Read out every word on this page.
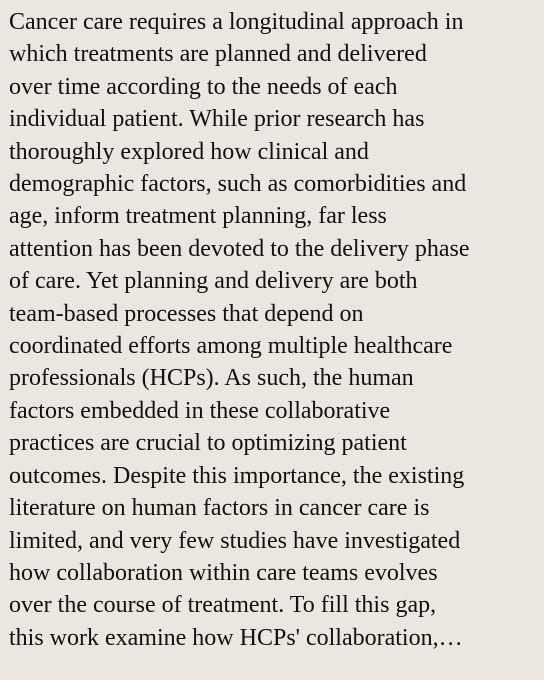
Cancer care requires a longitudinal approach in
which treatments are planned and delivered
over time according to the needs of each
individual patient. While prior research has
thoroughly explored how clinical and
demographic factors, such as comorbidities and
age, inform treatment planning, far less
attention has been devoted to the delivery phase
of care. Yet planning and delivery are both
team-based processes that depend on
coordinated efforts among multiple healthcare
professionals (HCPs). As such, the human
factors embedded in these collaborative
practices are crucial to optimizing patient
outcomes. Despite this importance, the existing
literature on human factors in cancer care is
limited, and very few studies have investigated
how collaboration within care teams evolves
over the course of treatment. To fill this gap,
this work examine how HCPs' collaboration,…
